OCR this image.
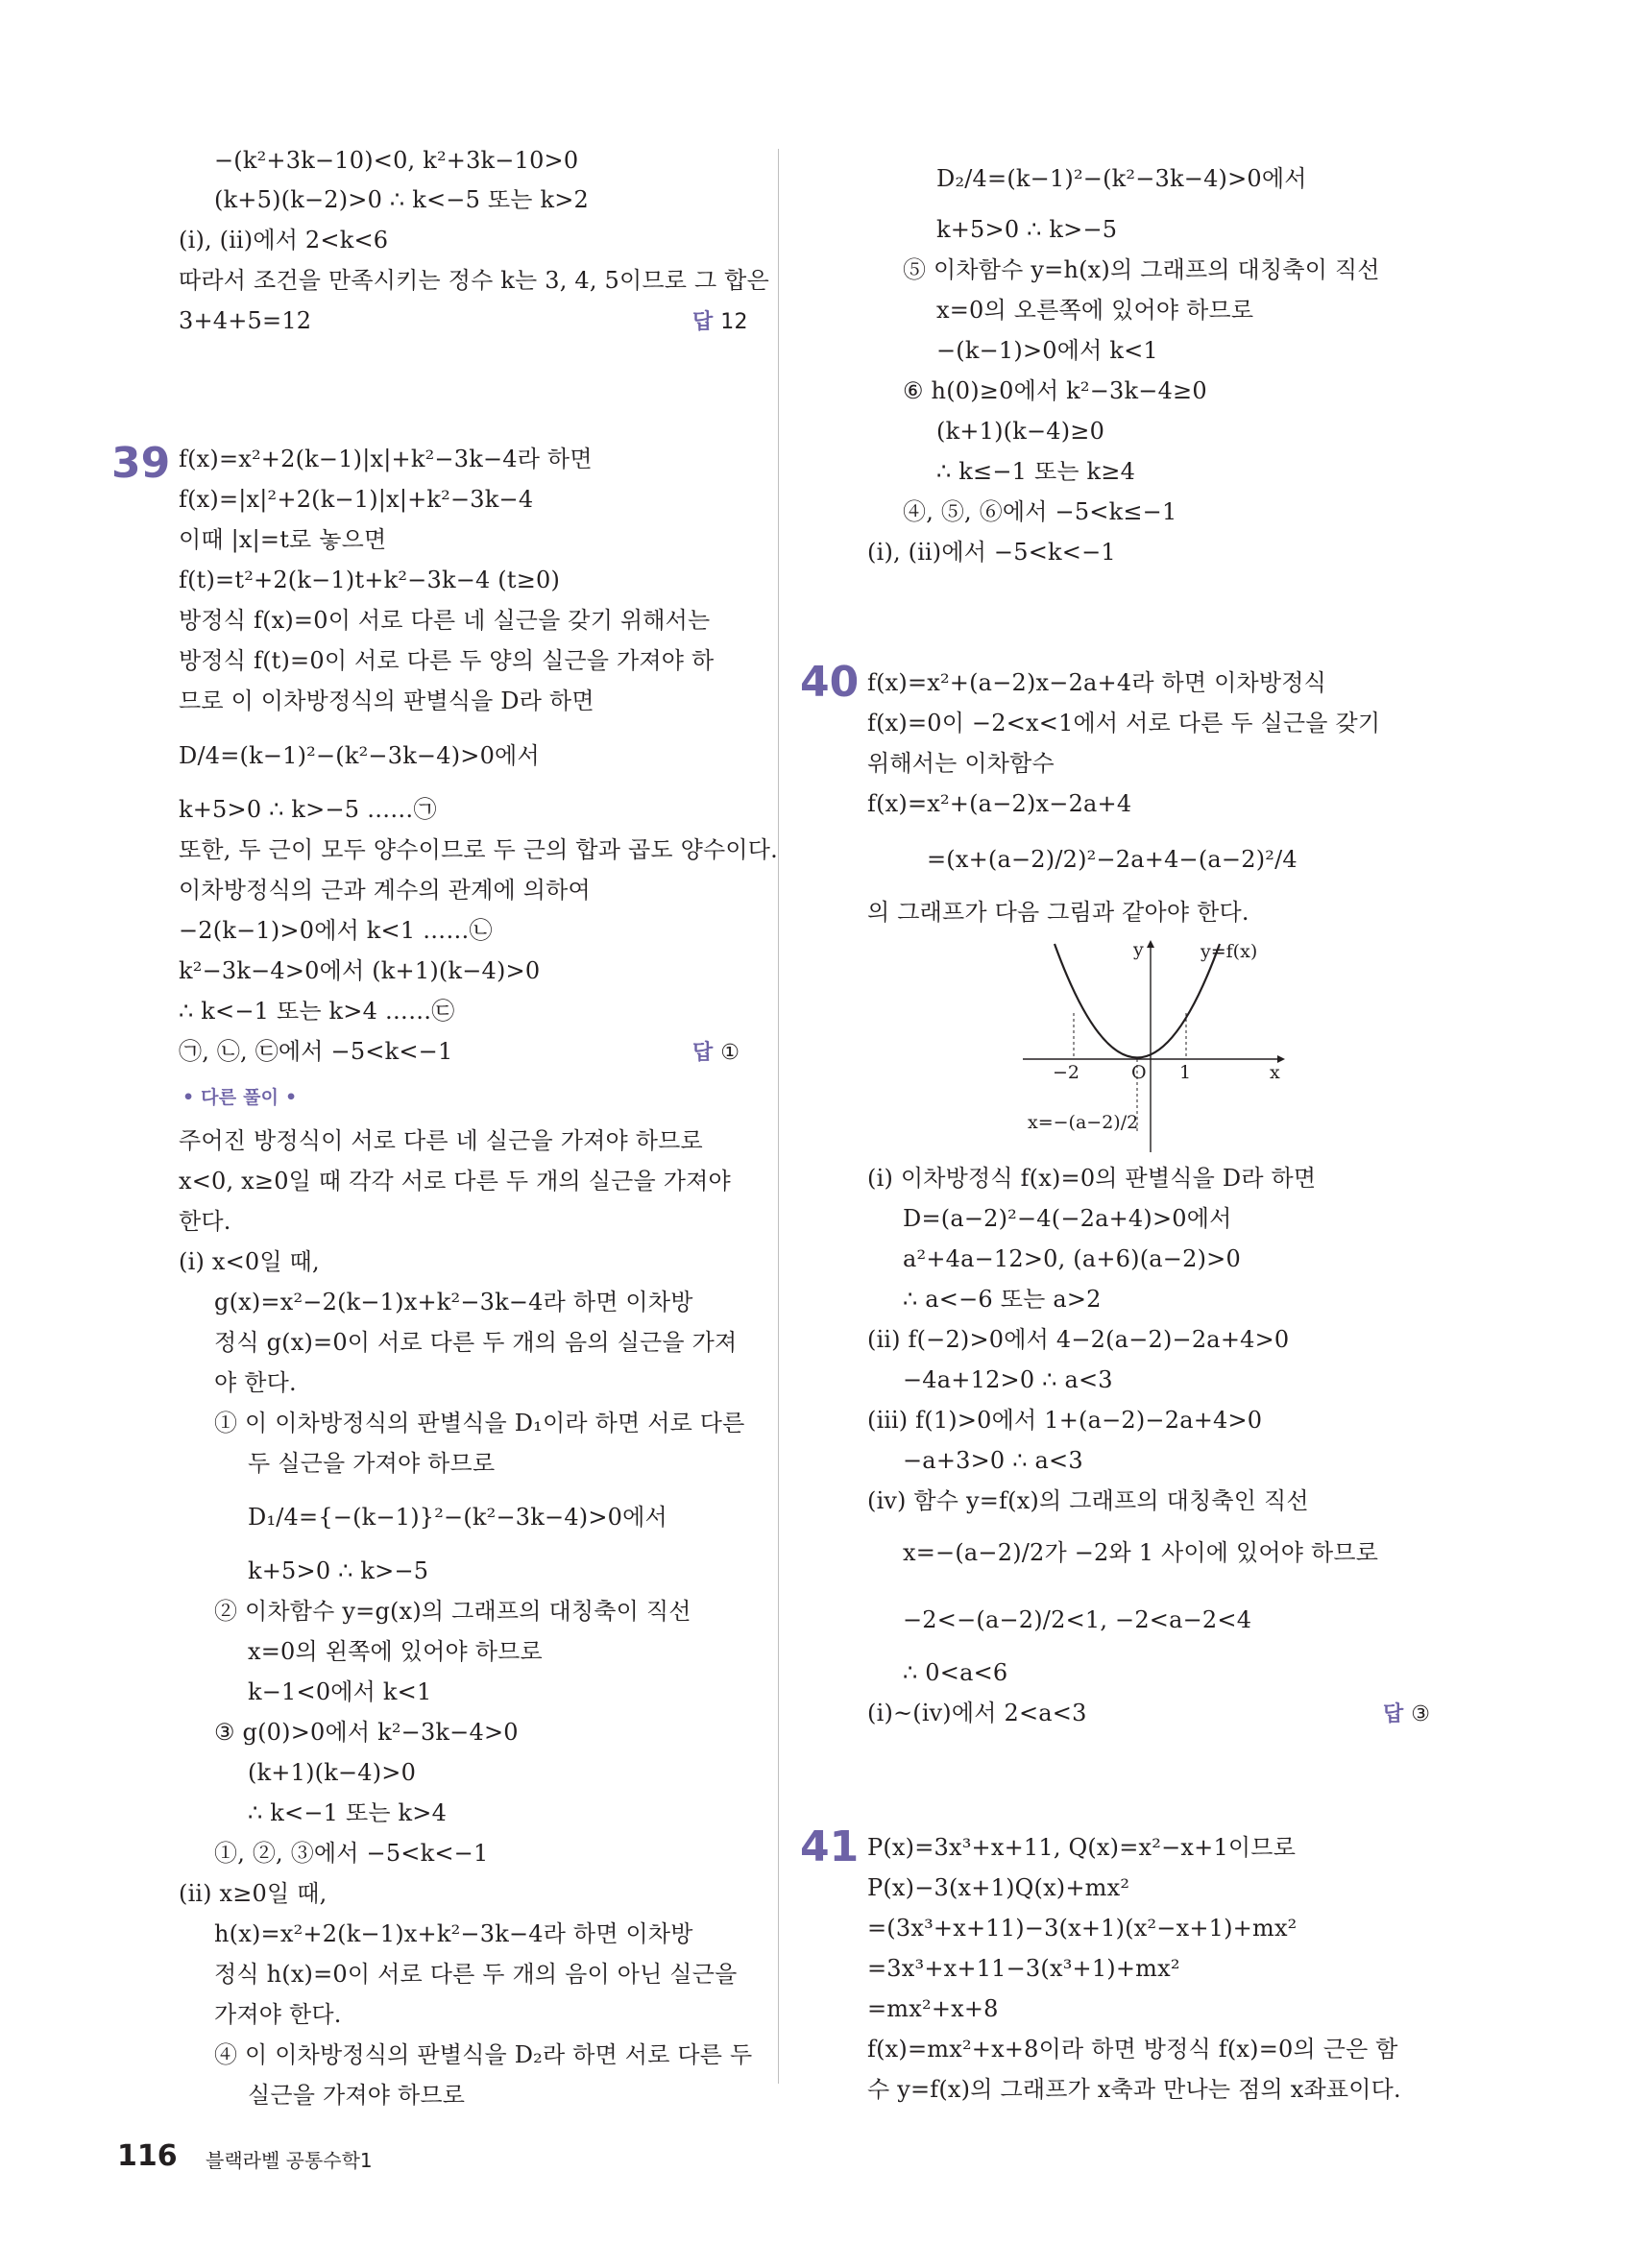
−(k²+3k−10)<0, k²+3k−10>0
(k+5)(k−2)>0 ∴ k<−5 또는 k>2
(ⅰ), (ⅱ)에서 2<k<6
따라서 조건을 만족시키는 정수 k는 3, 4, 5이므로 그 합은
3+4+5=12	답 12
f(x)=x²+2(k−1)|x|+k²−3k−4라 하면
f(x)=|x|²+2(k−1)|x|+k²−3k−4
이때 |x|=t로 놓으면
f(t)=t²+2(k−1)t+k²−3k−4 (t≥0)
방정식 f(x)=0이 서로 다른 네 실근을 갖기 위해서는
방정식 f(t)=0이 서로 다른 두 양의 실근을 가져야 하
므로 이 이차방정식의 판별식을 D라 하면
D/4=(k−1)²−(k²−3k−4)>0에서
k+5>0 ∴ k>−5 ……㉠
또한, 두 근이 모두 양수이므로 두 근의 합과 곱도 양수이다.
이차방정식의 근과 계수의 관계에 의하여
−2(k−1)>0에서 k<1 ……㉡
k²−3k−4>0에서 (k+1)(k−4)>0
∴ k<−1 또는 k>4 ……㉢
㉠, ㉡, ㉢에서 −5<k<−1	답 ①
• 다른 풀이 •
주어진 방정식이 서로 다른 네 실근을 가져야 하므로
x<0, x≥0일 때 각각 서로 다른 두 개의 실근을 가져야
한다.
(ⅰ) x<0일 때,
g(x)=x²−2(k−1)x+k²−3k−4라 하면 이차방
정식 g(x)=0이 서로 다른 두 개의 음의 실근을 가져
야 한다.
① 이 이차방정식의 판별식을 D₁이라 하면 서로 다른
두 실근을 가져야 하므로
D₁/4={−(k−1)}²−(k²−3k−4)>0에서
k+5>0 ∴ k>−5
② 이차함수 y=g(x)의 그래프의 대칭축이 직선
x=0의 왼쪽에 있어야 하므로
k−1<0에서 k<1
③ g(0)>0에서 k²−3k−4>0
(k+1)(k−4)>0
∴ k<−1 또는 k>4
①, ②, ③에서 −5<k<−1
(ⅱ) x≥0일 때,
h(x)=x²+2(k−1)x+k²−3k−4라 하면 이차방
정식 h(x)=0이 서로 다른 두 개의 음이 아닌 실근을
가져야 한다.
④ 이 이차방정식의 판별식을 D₂라 하면 서로 다른 두
실근을 가져야 하므로
39
40
41
D₂/4=(k−1)²−(k²−3k−4)>0에서
k+5>0 ∴ k>−5
⑤ 이차함수 y=h(x)의 그래프의 대칭축이 직선
x=0의 오른쪽에 있어야 하므로
−(k−1)>0에서 k<1
⑥ h(0)≥0에서 k²−3k−4≥0
(k+1)(k−4)≥0
∴ k≤−1 또는 k≥4
④, ⑤, ⑥에서 −5<k≤−1
(ⅰ), (ⅱ)에서 −5<k<−1
f(x)=x²+(a−2)x−2a+4라 하면 이차방정식
f(x)=0이 −2<x<1에서 서로 다른 두 실근을 갖기
위해서는 이차함수
f(x)=x²+(a−2)x−2a+4
=(x+(a−2)/2)²−2a+4−(a−2)²/4
의 그래프가 다음 그림과 같아야 한다.
(ⅰ) 이차방정식 f(x)=0의 판별식을 D라 하면
D=(a−2)²−4(−2a+4)>0에서
a²+4a−12>0, (a+6)(a−2)>0
∴ a<−6 또는 a>2
(ⅱ) f(−2)>0에서 4−2(a−2)−2a+4>0
−4a+12>0 ∴ a<3
(ⅲ) f(1)>0에서 1+(a−2)−2a+4>0
−a+3>0 ∴ a<3
(ⅳ) 함수 y=f(x)의 그래프의 대칭축인 직선
x=−(a−2)/2가 −2와 1 사이에 있어야 하므로
−2<−(a−2)/2<1, −2<a−2<4
∴ 0<a<6
(ⅰ)~(ⅳ)에서 2<a<3	답 ③
P(x)=3x³+x+11, Q(x)=x²−x+1이므로
P(x)−3(x+1)Q(x)+mx²
=(3x³+x+11)−3(x+1)(x²−x+1)+mx²
=3x³+x+11−3(x³+1)+mx²
=mx²+x+8
f(x)=mx²+x+8이라 하면 방정식 f(x)=0의 근은 함
수 y=f(x)의 그래프가 x축과 만나는 점의 x좌표이다.
y	y=f(x)
x
−2	O 1
x=−(a−2)/2
116 블랙라벨 공통수학1
